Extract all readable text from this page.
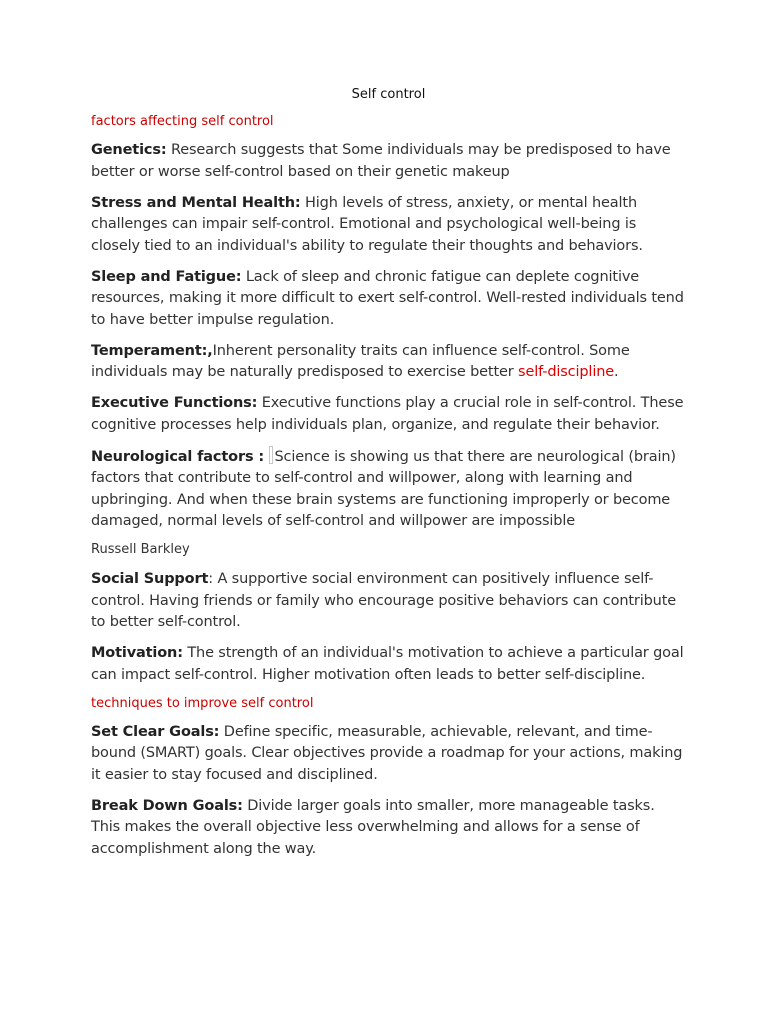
Self control

factors affecting self control

Genetics: Research suggests that Some individuals may be predisposed to have better or worse self-control based on their genetic makeup

Stress and Mental Health: High levels of stress, anxiety, or mental health challenges can impair self-control. Emotional and psychological well-being is closely tied to an individual's ability to regulate their thoughts and behaviors.

Sleep and Fatigue: Lack of sleep and chronic fatigue can deplete cognitive resources, making it more difficult to exert self-control. Well-rested individuals tend to have better impulse regulation.

Temperament:,Inherent personality traits can influence self-control. Some individuals may be naturally predisposed to exercise better self-discipline.

Executive Functions: Executive functions play a crucial role in self-control. These cognitive processes help individuals plan, organize, and regulate their behavior.

Neurological factors : Science is showing us that there are neurological (brain) factors that contribute to self-control and willpower, along with learning and upbringing. And when these brain systems are functioning improperly or become damaged, normal levels of self-control and willpower are impossible

Russell Barkley

Social Support: A supportive social environment can positively influence self-control. Having friends or family who encourage positive behaviors can contribute to better self-control.

Motivation: The strength of an individual's motivation to achieve a particular goal can impact self-control. Higher motivation often leads to better self-discipline.

techniques to improve self control

Set Clear Goals: Define specific, measurable, achievable, relevant, and time-bound (SMART) goals. Clear objectives provide a roadmap for your actions, making it easier to stay focused and disciplined.

Break Down Goals: Divide larger goals into smaller, more manageable tasks. This makes the overall objective less overwhelming and allows for a sense of accomplishment along the way.
